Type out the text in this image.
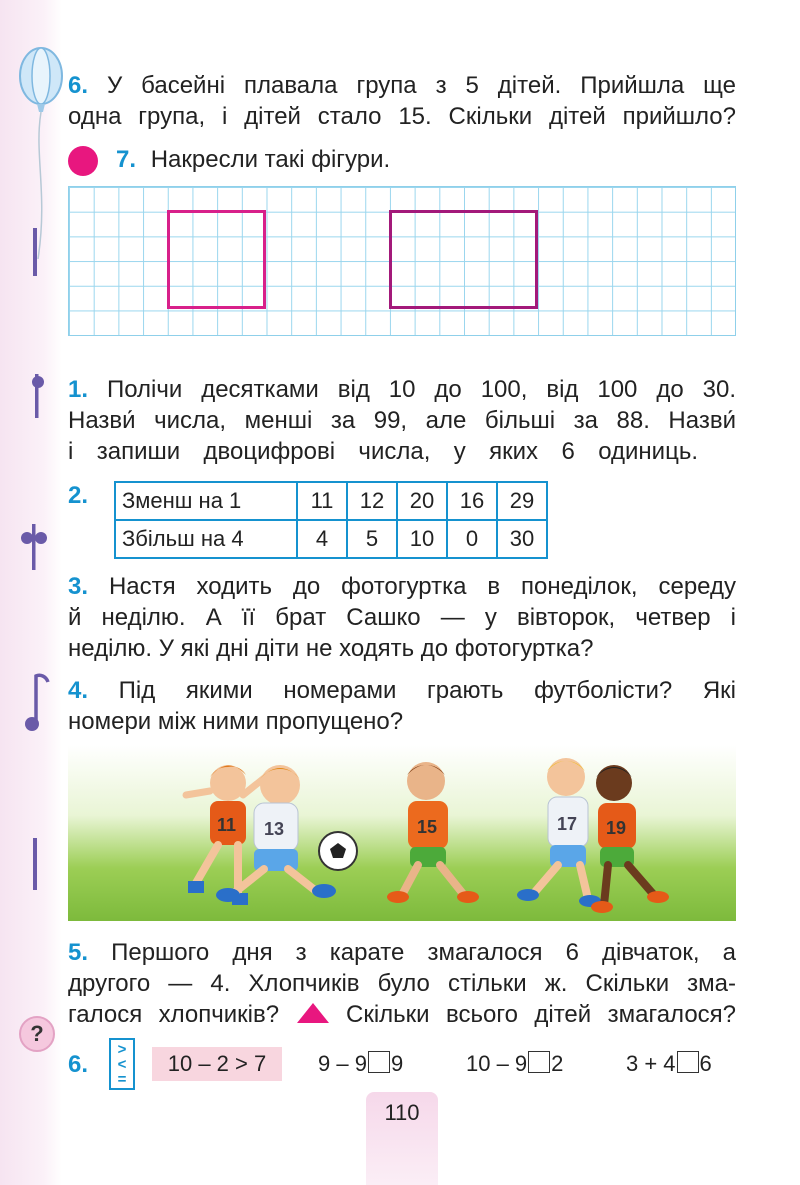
?
6. У басейні плавала група з 5 дітей. Прийшла ще
одна група, і дітей стало 15. Скільки дітей прийшло?
7. Накресли такі фігури.
1. Полічи десятками від 10 до 100, від 100 до 30.
Назви́ числа, менші за 99, але більші за 88. Назви́
і запиши двоцифрові числа, у яких 6 одиниць.
2. Зменш на 1	11	12	20	16	29
Збільш на 4	4	5	10	0	30
3. Настя ходить до фотогуртка в понеділок, середу
й неділю. А її брат Сашко — у вівторок, четвер і
неділю. У які дні діти не ходять до фотогуртка?
4. Під якими номерами грають футболісти? Які
номери між ними пропущено?
11 13	15	17 19
5. Першого дня з карате змагалося 6 дівчаток, а
другого — 4. Хлопчиків було стільки ж. Скільки зма-
галося хлопчиків?	Скільки всього дітей змагалося?
6.
>
<
=
10 – 2 > 7	9 – 9 9	10 – 9 2	3 + 4 6
110
